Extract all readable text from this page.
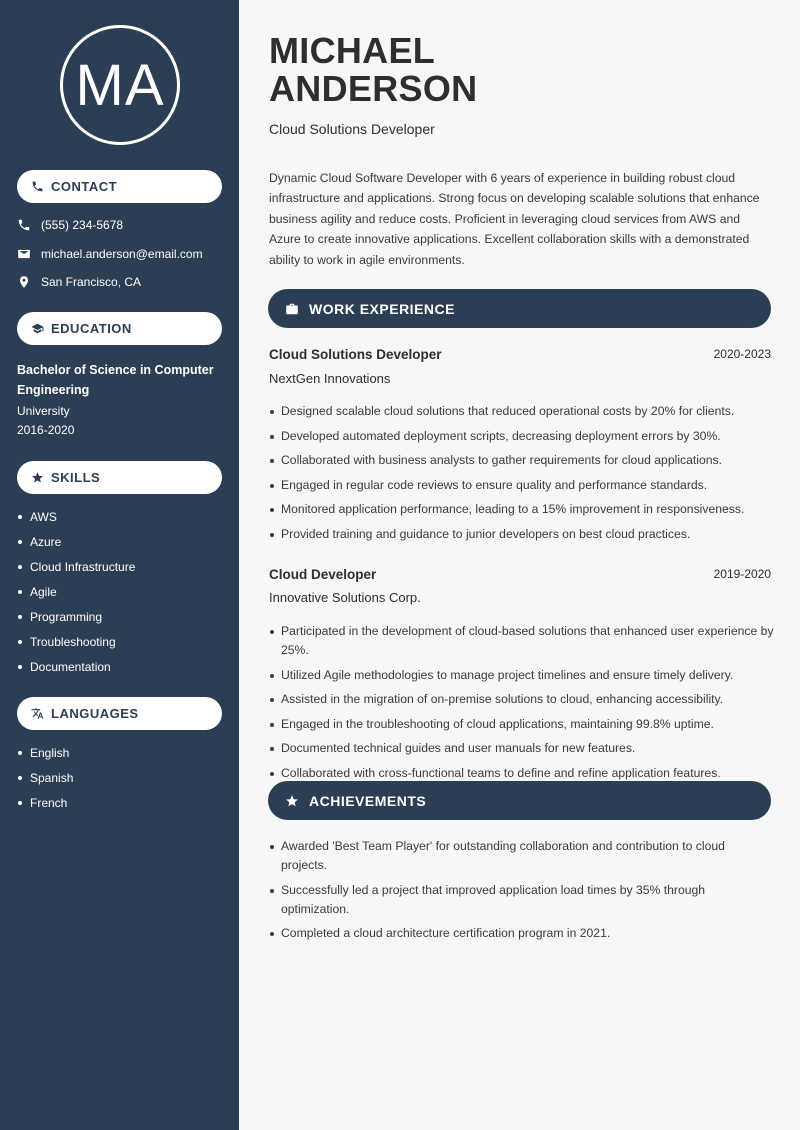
MA
CONTACT
(555) 234-5678
michael.anderson@email.com
San Francisco, CA
EDUCATION
Bachelor of Science in Computer Engineering
University
2016-2020
SKILLS
AWS
Azure
Cloud Infrastructure
Agile
Programming
Troubleshooting
Documentation
LANGUAGES
English
Spanish
French
MICHAEL
ANDERSON
Cloud Solutions Developer

Dynamic Cloud Software Developer with 6 years of experience in building robust cloud infrastructure and applications. Strong focus on developing scalable solutions that enhance business agility and reduce costs. Proficient in leveraging cloud services from AWS and Azure to create innovative applications. Excellent collaboration skills with a demonstrated ability to work in agile environments.

WORK EXPERIENCE
Cloud Solutions Developer	2020-2023
NextGen Innovations
Designed scalable cloud solutions that reduced operational costs by 20% for clients.
Developed automated deployment scripts, decreasing deployment errors by 30%.
Collaborated with business analysts to gather requirements for cloud applications.
Engaged in regular code reviews to ensure quality and performance standards.
Monitored application performance, leading to a 15% improvement in responsiveness.
Provided training and guidance to junior developers on best cloud practices.
Cloud Developer	2019-2020
Innovative Solutions Corp.
Participated in the development of cloud-based solutions that enhanced user experience by 25%.
Utilized Agile methodologies to manage project timelines and ensure timely delivery.
Assisted in the migration of on-premise solutions to cloud, enhancing accessibility.
Engaged in the troubleshooting of cloud applications, maintaining 99.8% uptime.
Documented technical guides and user manuals for new features.
Collaborated with cross-functional teams to define and refine application features.
ACHIEVEMENTS
Awarded 'Best Team Player' for outstanding collaboration and contribution to cloud projects.
Successfully led a project that improved application load times by 35% through optimization.
Completed a cloud architecture certification program in 2021.
